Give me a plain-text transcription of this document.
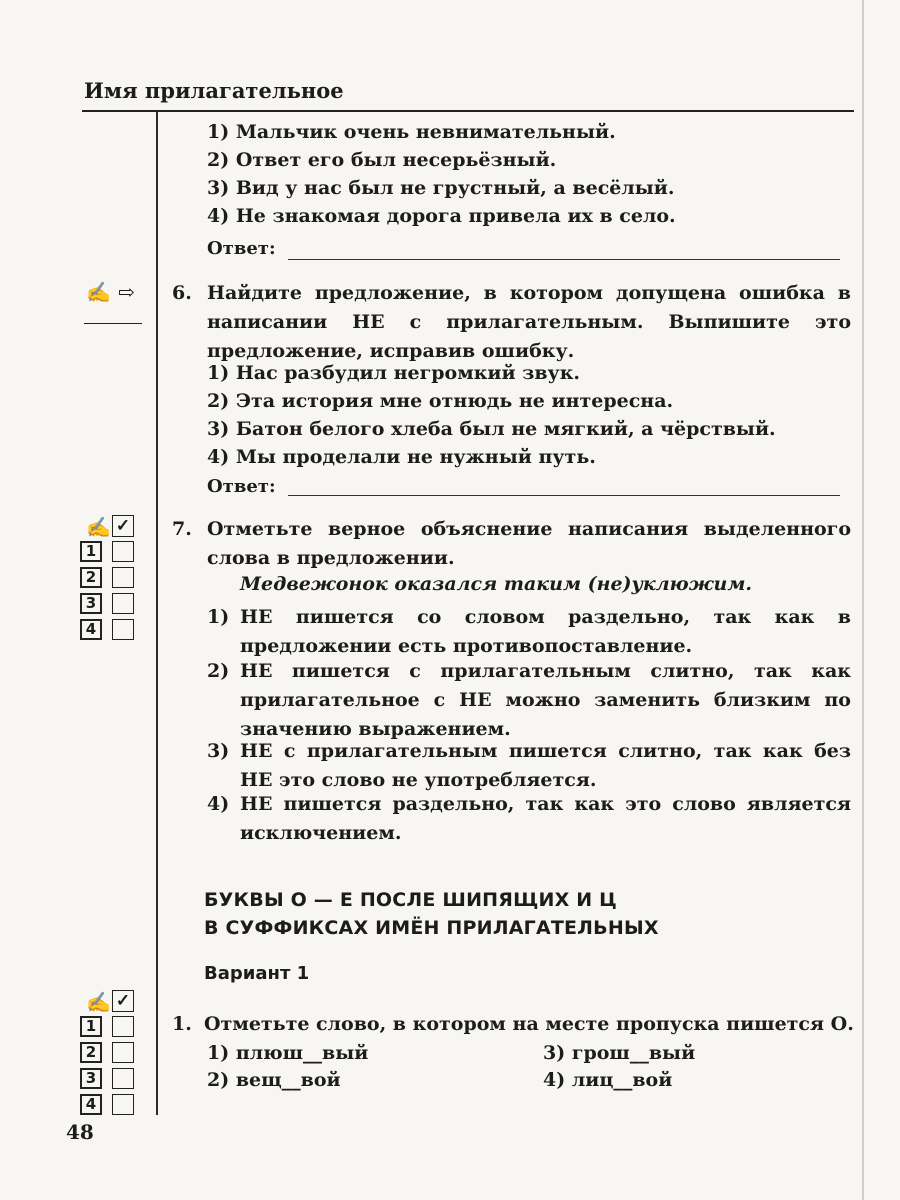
Имя прилагательное
1) Мальчик очень невнимательный.
2) Ответ его был несерьёзный.
3) Вид у нас был не грустный, а весёлый.
4) Не знакомая дорога привела их в село.
Ответ:
✍ ⇨ 6. Найдите предложение, в котором допущена ошибка в написании НЕ с прилагательным. Выпишите это предложение, исправив ошибку.
1) Нас разбудил негромкий звук.
2) Эта история мне отнюдь не интересна.
3) Батон белого хлеба был не мягкий, а чёрствый.
4) Мы проделали не нужный путь.
Ответ:
✍ ✓
1
2
3
4
7. Отметьте верное объяснение написания выделенного слова в предложении.
Медвежонок оказался таким (не)уклюжим.
1) НЕ пишется со словом раздельно, так как в предложении есть противопоставление.
2) НЕ пишется с прилагательным слитно, так как прилагательное с НЕ можно заменить близким по значению выражением.
3) НЕ с прилагательным пишется слитно, так как без НЕ это слово не употребляется.
4) НЕ пишется раздельно, так как это слово является исключением.
БУКВЫ О — Е ПОСЛЕ ШИПЯЩИХ И Ц
В СУФФИКСАХ ИМЁН ПРИЛАГАТЕЛЬНЫХ
Вариант 1
✍ ✓
1
2
3
4
1. Отметьте слово, в котором на месте пропуска пишется О.
1) плюш__вый	3) грош__вый
2) вещ__вой	4) лиц__вой
48
